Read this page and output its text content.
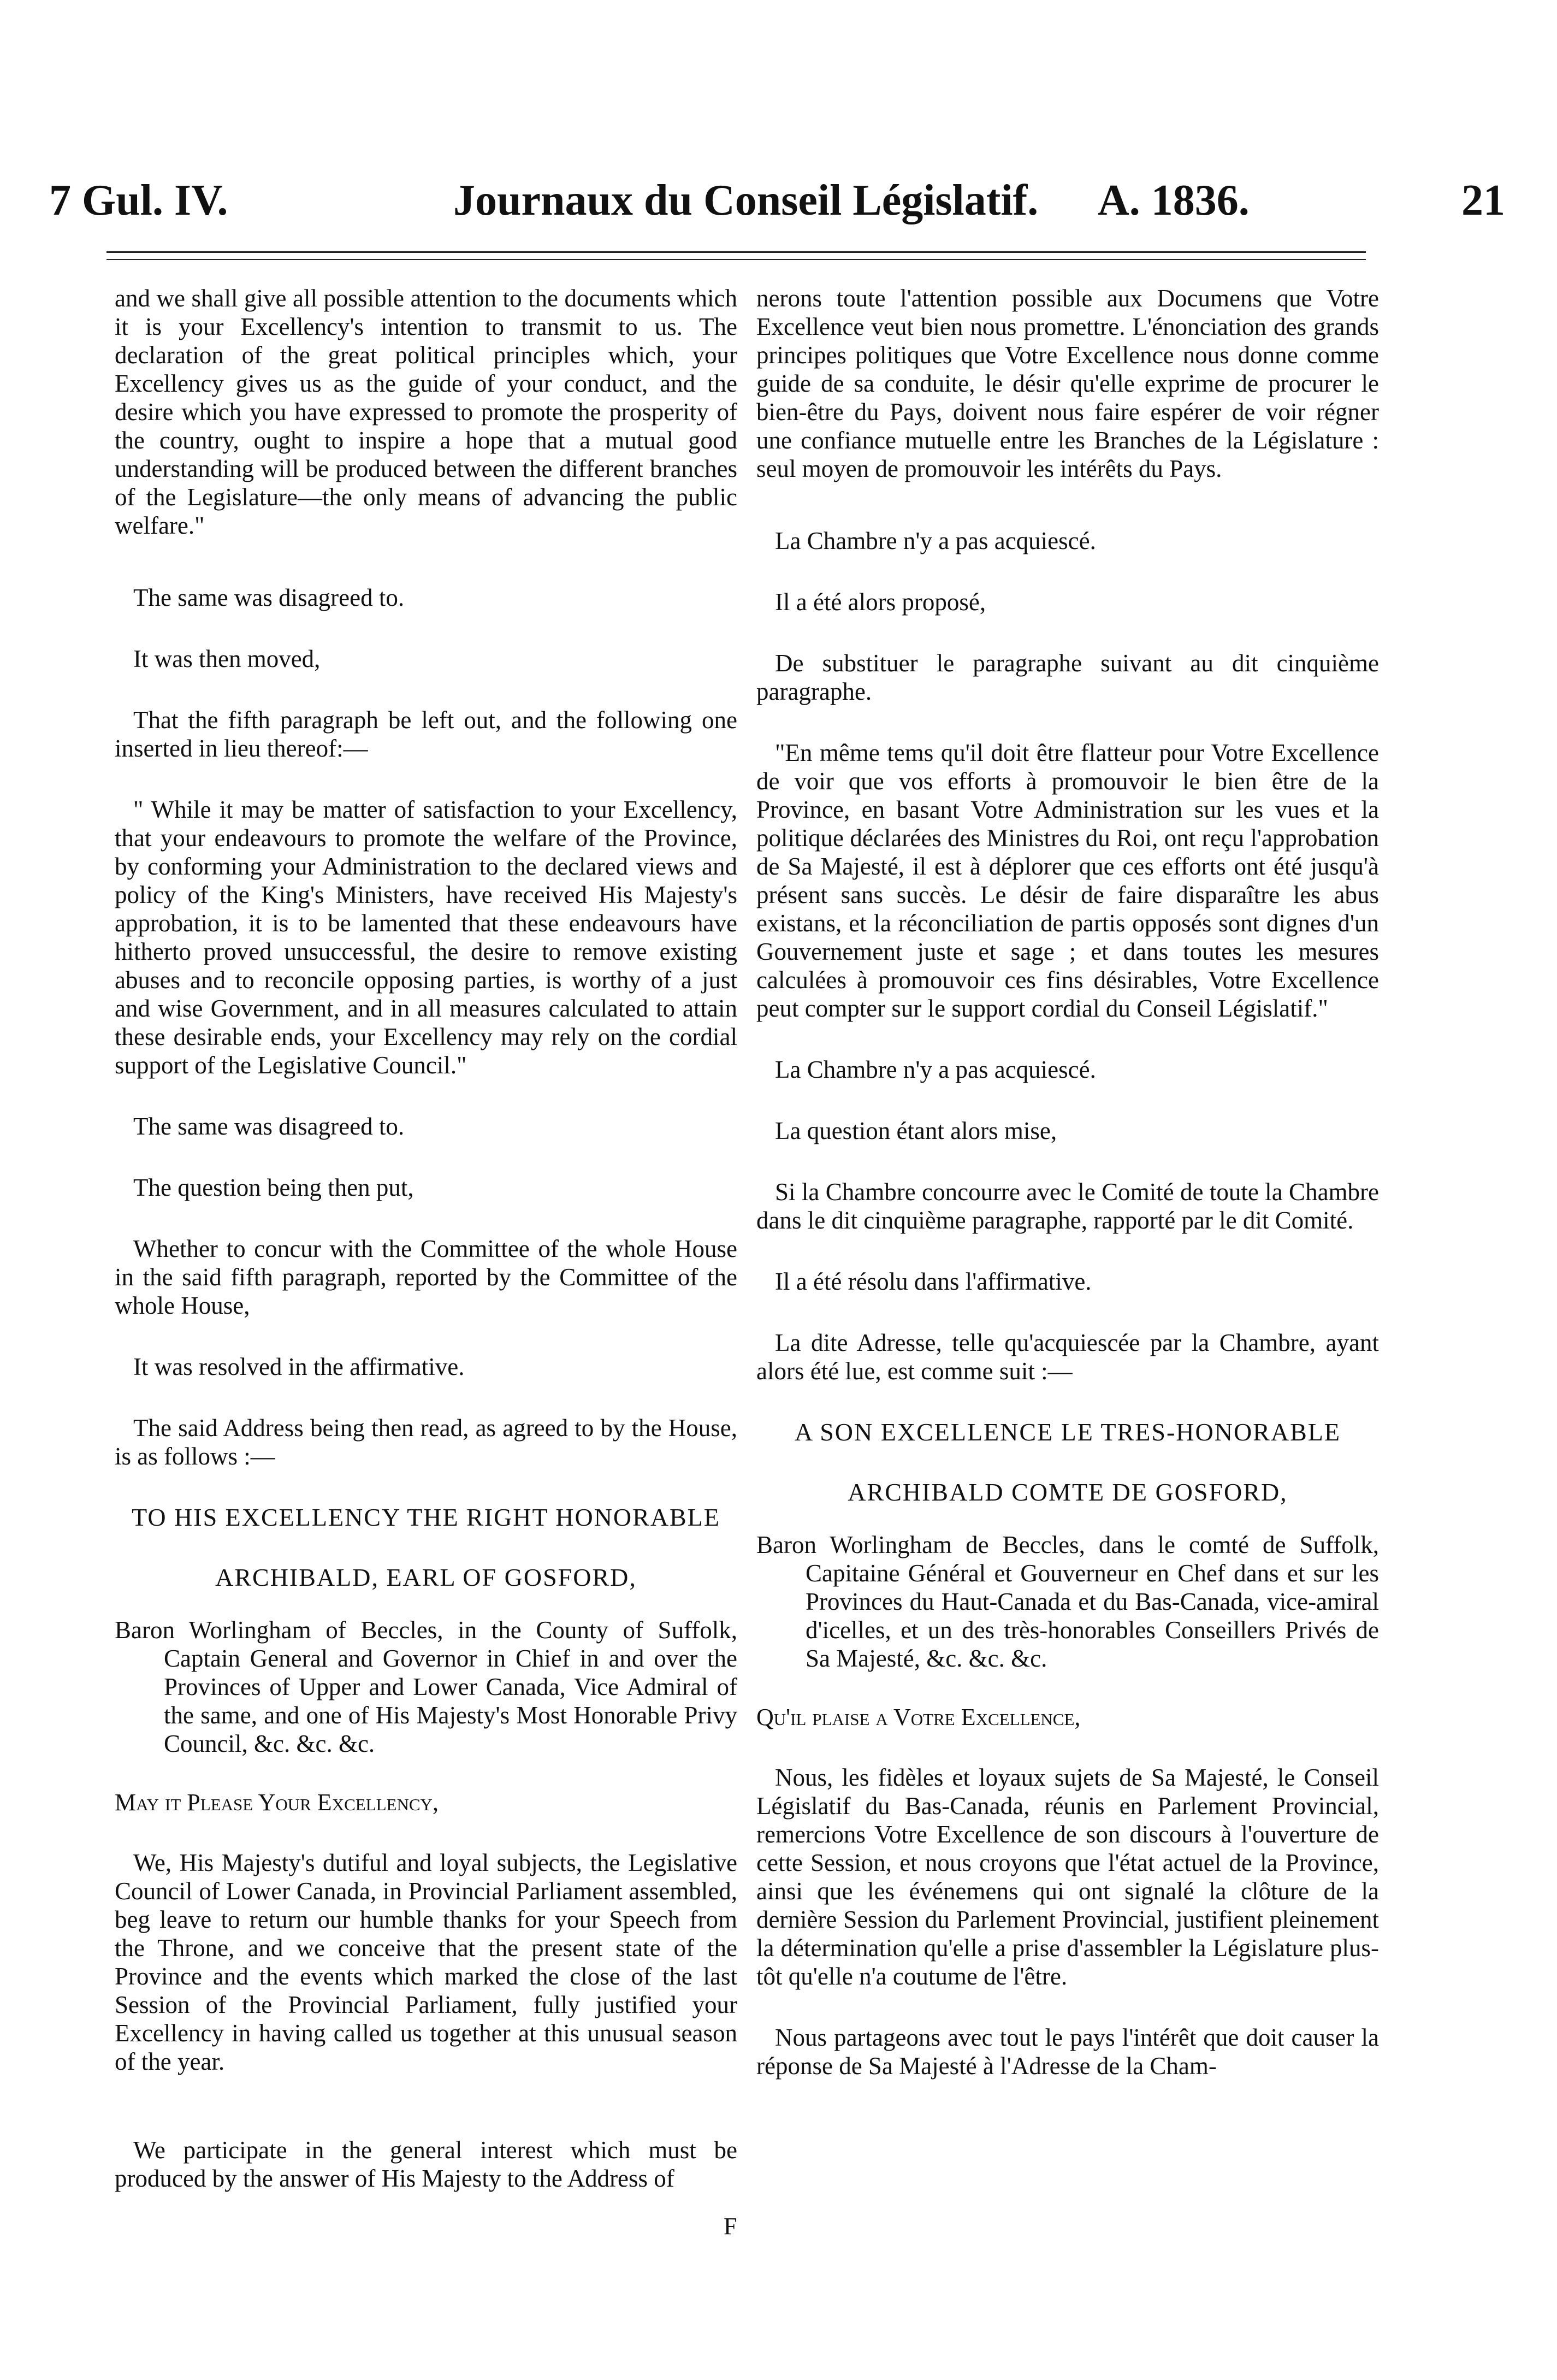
7 Gul. IV.	Journaux du Conseil Législatif. A. 1836.	21

and we shall give all possible attention to the documents which it is your Excellency's intention to transmit to us. The declaration of the great political principles which, your Excellency gives us as the guide of your conduct, and the desire which you have expressed to promote the prosperity of the country, ought to inspire a hope that a mutual good understanding will be produced between the different branches of the Legislature—the only means of advancing the public welfare."

The same was disagreed to.

It was then moved,

That the fifth paragraph be left out, and the following one inserted in lieu thereof:—

" While it may be matter of satisfaction to your Excellency, that your endeavours to promote the welfare of the Province, by conforming your Administration to the declared views and policy of the King's Ministers, have received His Majesty's approbation, it is to be lamented that these endeavours have hitherto proved unsuccessful, the desire to remove existing abuses and to reconcile opposing parties, is worthy of a just and wise Government, and in all measures calculated to attain these desirable ends, your Excellency may rely on the cordial support of the Legislative Council."

The same was disagreed to.

The question being then put,

Whether to concur with the Committee of the whole House in the said fifth paragraph, reported by the Committee of the whole House,

It was resolved in the affirmative.

The said Address being then read, as agreed to by the House, is as follows :—

TO HIS EXCELLENCY THE RIGHT HONORABLE
ARCHIBALD, EARL OF GOSFORD,

Baron Worlingham of Beccles, in the County of Suffolk, Captain General and Governor in Chief in and over the Provinces of Upper and Lower Canada, Vice Admiral of the same, and one of His Majesty's Most Honorable Privy Council, &c. &c. &c.

May it Please Your Excellency,

We, His Majesty's dutiful and loyal subjects, the Legislative Council of Lower Canada, in Provincial Parliament assembled, beg leave to return our humble thanks for your Speech from the Throne, and we conceive that the present state of the Province and the events which marked the close of the last Session of the Provincial Parliament, fully justified your Excellency in having called us together at this unusual season of the year.

We participate in the general interest which must be produced by the answer of His Majesty to the Address of

nerons toute l'attention possible aux Documens que Votre Excellence veut bien nous promettre. L'énonciation des grands principes politiques que Votre Excellence nous donne comme guide de sa conduite, le désir qu'elle exprime de procurer le bien-être du Pays, doivent nous faire espérer de voir régner une confiance mutuelle entre les Branches de la Législature : seul moyen de promouvoir les intérêts du Pays.

La Chambre n'y a pas acquiescé.

Il a été alors proposé,

De substituer le paragraphe suivant au dit cinquième paragraphe.

"En même tems qu'il doit être flatteur pour Votre Excellence de voir que vos efforts à promouvoir le bien être de la Province, en basant Votre Administration sur les vues et la politique déclarées des Ministres du Roi, ont reçu l'approbation de Sa Majesté, il est à déplorer que ces efforts ont été jusqu'à présent sans succès. Le désir de faire disparaître les abus existans, et la réconciliation de partis opposés sont dignes d'un Gouvernement juste et sage ; et dans toutes les mesures calculées à promouvoir ces fins désirables, Votre Excellence peut compter sur le support cordial du Conseil Législatif."

La Chambre n'y a pas acquiescé.

La question étant alors mise,

Si la Chambre concourre avec le Comité de toute la Chambre dans le dit cinquième paragraphe, rapporté par le dit Comité.

Il a été résolu dans l'affirmative.

La dite Adresse, telle qu'acquiescée par la Chambre, ayant alors été lue, est comme suit :—

A SON EXCELLENCE LE TRES-HONORABLE
ARCHIBALD COMTE DE GOSFORD,

Baron Worlingham de Beccles, dans le comté de Suffolk, Capitaine Général et Gouverneur en Chef dans et sur les Provinces du Haut-Canada et du Bas-Canada, vice-amiral d'icelles, et un des très-honorables Conseillers Privés de Sa Majesté, &c. &c. &c.

Qu'il plaise a Votre Excellence,

Nous, les fidèles et loyaux sujets de Sa Majesté, le Conseil Législatif du Bas-Canada, réunis en Parlement Provincial, remercions Votre Excellence de son discours à l'ouverture de cette Session, et nous croyons que l'état actuel de la Province, ainsi que les événemens qui ont signalé la clôture de la dernière Session du Parlement Provincial, justifient pleinement la détermination qu'elle a prise d'assembler la Législature plus-tôt qu'elle n'a coutume de l'être.

Nous partageons avec tout le pays l'intérêt que doit causer la réponse de Sa Majesté à l'Adresse de la Cham-

F
